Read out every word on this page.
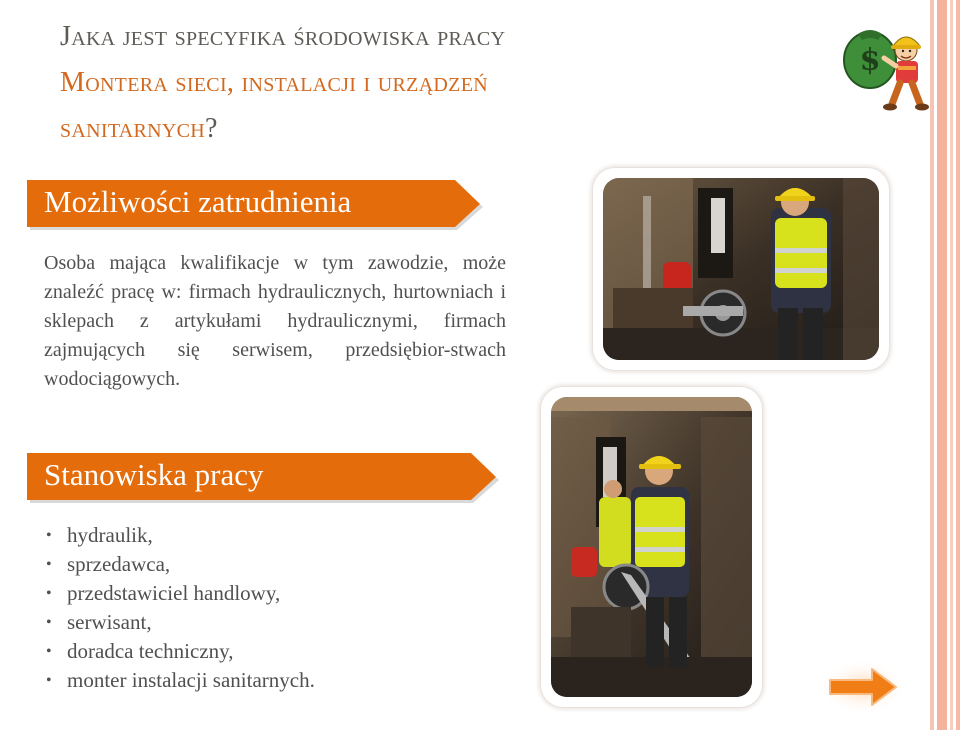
Jaka jest specyfika środowiska pracy
Montera sieci, instalacji i urządzeń
sanitarnych?
$
Możliwości zatrudnienia

Osoba mająca kwalifikacje w tym zawodzie, może znaleźć pracę w: firmach hydraulicznych, hurtowniach i sklepach z artykułami hydraulicznymi, firmach zajmujących się serwisem, przedsiębior-stwach wodociągowych.

Stanowiska pracy
• hydraulik,
• sprzedawca,
• przedstawiciel handlowy,
• serwisant,
• doradca techniczny,
• monter instalacji sanitarnych.
